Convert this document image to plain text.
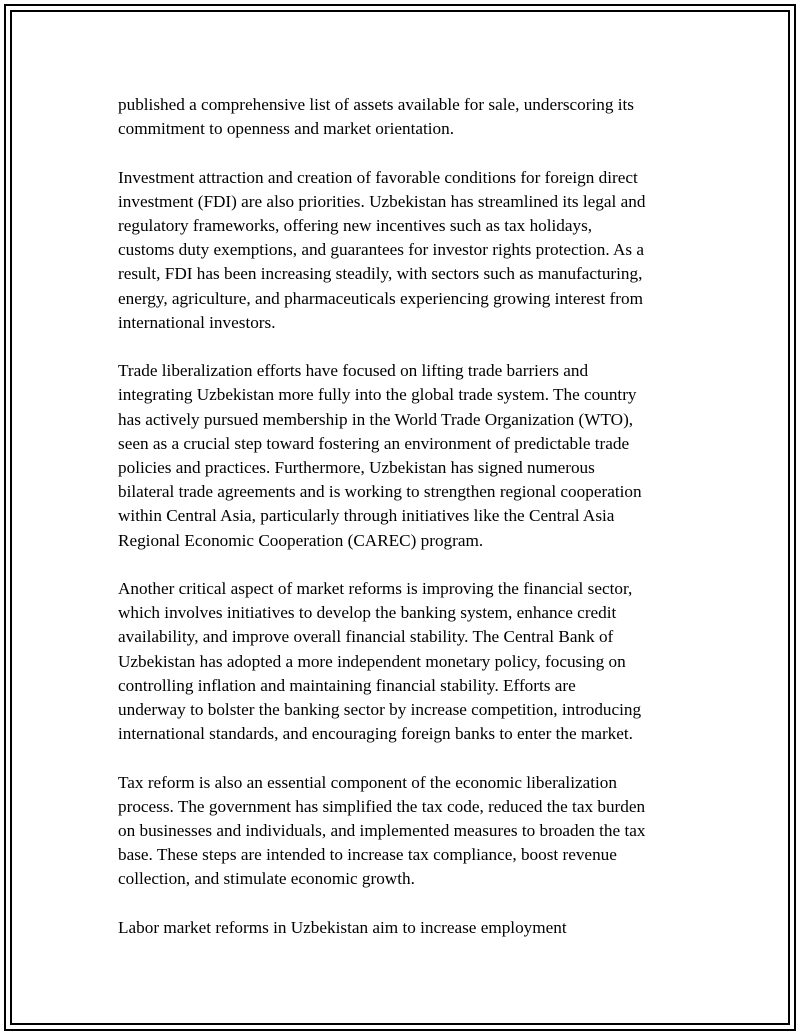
published a comprehensive list of assets available for sale, underscoring its
commitment to openness and market orientation.

Investment attraction and creation of favorable conditions for foreign direct
investment (FDI) are also priorities. Uzbekistan has streamlined its legal and
regulatory frameworks, offering new incentives such as tax holidays,
customs duty exemptions, and guarantees for investor rights protection. As a
result, FDI has been increasing steadily, with sectors such as manufacturing,
energy, agriculture, and pharmaceuticals experiencing growing interest from
international investors.

Trade liberalization efforts have focused on lifting trade barriers and
integrating Uzbekistan more fully into the global trade system. The country
has actively pursued membership in the World Trade Organization (WTO),
seen as a crucial step toward fostering an environment of predictable trade
policies and practices. Furthermore, Uzbekistan has signed numerous
bilateral trade agreements and is working to strengthen regional cooperation
within Central Asia, particularly through initiatives like the Central Asia
Regional Economic Cooperation (CAREC) program.

Another critical aspect of market reforms is improving the financial sector,
which involves initiatives to develop the banking system, enhance credit
availability, and improve overall financial stability. The Central Bank of
Uzbekistan has adopted a more independent monetary policy, focusing on
controlling inflation and maintaining financial stability. Efforts are
underway to bolster the banking sector by increase competition, introducing
international standards, and encouraging foreign banks to enter the market.

Tax reform is also an essential component of the economic liberalization
process. The government has simplified the tax code, reduced the tax burden
on businesses and individuals, and implemented measures to broaden the tax
base. These steps are intended to increase tax compliance, boost revenue
collection, and stimulate economic growth.

Labor market reforms in Uzbekistan aim to increase employment
